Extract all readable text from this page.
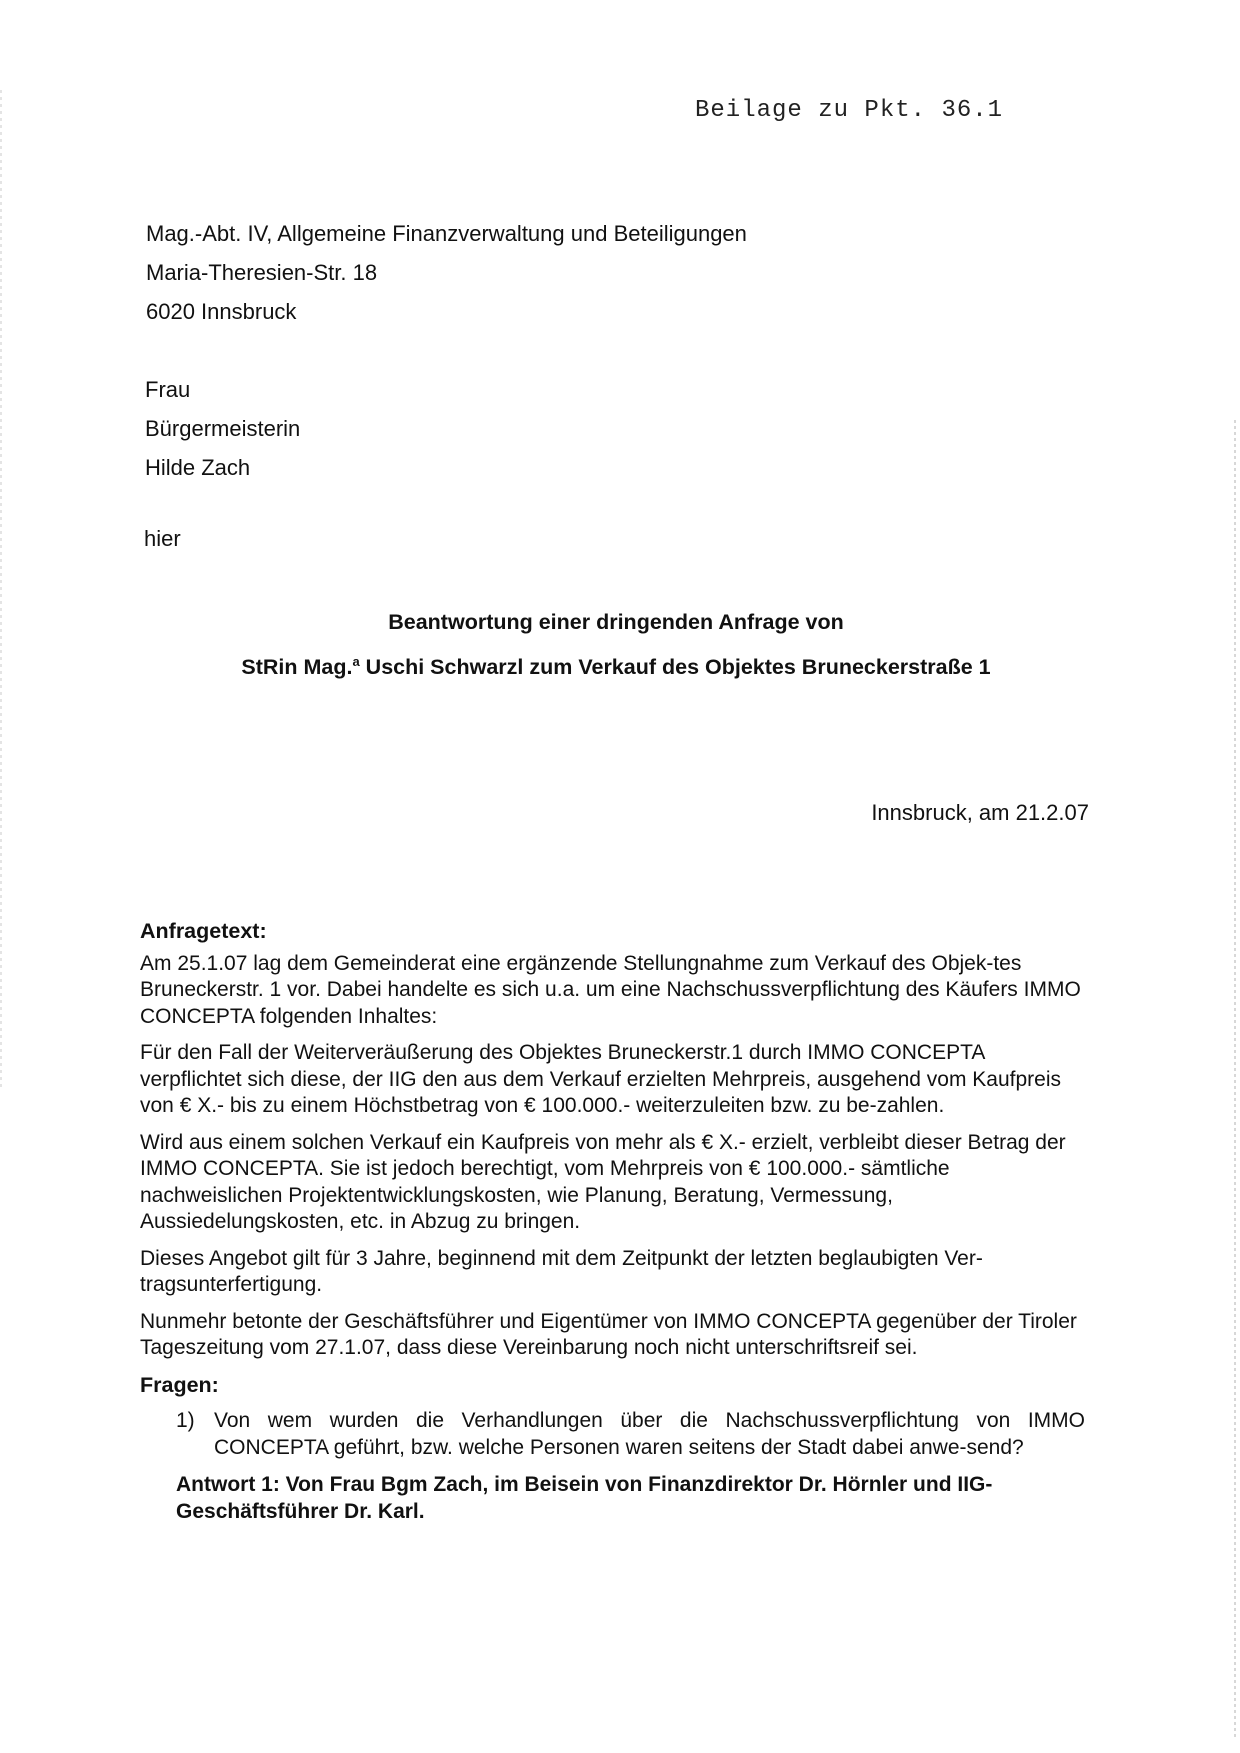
Beilage zu Pkt. 36.1
Mag.-Abt. IV, Allgemeine Finanzverwaltung und Beteiligungen
Maria-Theresien-Str. 18
6020 Innsbruck
Frau
Bürgermeisterin
Hilde Zach
hier
Beantwortung einer dringenden Anfrage von
StRin Mag.$^a$ Uschi Schwarzl zum Verkauf des Objektes Bruneckerstraße 1
Innsbruck, am 21.2.07
Anfragetext:

Am 25.1.07 lag dem Gemeinderat eine ergänzende Stellungnahme zum Verkauf des Objek-tes Bruneckerstr. 1 vor. Dabei handelte es sich u.a. um eine Nachschussverpflichtung des Käufers IMMO CONCEPTA folgenden Inhaltes:

Für den Fall der Weiterveräußerung des Objektes Bruneckerstr.1 durch IMMO CONCEPTA verpflichtet sich diese, der IIG den aus dem Verkauf erzielten Mehrpreis, ausgehend vom Kaufpreis von € X.- bis zu einem Höchstbetrag von € 100.000.- weiterzuleiten bzw. zu be-zahlen.

Wird aus einem solchen Verkauf ein Kaufpreis von mehr als € X.- erzielt, verbleibt dieser Betrag der IMMO CONCEPTA. Sie ist jedoch berechtigt, vom Mehrpreis von € 100.000.- sämtliche nachweislichen Projektentwicklungskosten, wie Planung, Beratung, Vermessung, Aussiedelungskosten, etc. in Abzug zu bringen.

Dieses Angebot gilt für 3 Jahre, beginnend mit dem Zeitpunkt der letzten beglaubigten Ver-tragsunterfertigung.

Nunmehr betonte der Geschäftsführer und Eigentümer von IMMO CONCEPTA gegenüber der Tiroler Tageszeitung vom 27.1.07, dass diese Vereinbarung noch nicht unterschriftsreif sei.

Fragen:
1) Von wem wurden die Verhandlungen über die Nachschussverpflichtung von IMMO CONCEPTA geführt, bzw. welche Personen waren seitens der Stadt dabei anwe-send?
Antwort 1: Von Frau Bgm Zach, im Beisein von Finanzdirektor Dr. Hörnler und IIG-Geschäftsführer Dr. Karl.
